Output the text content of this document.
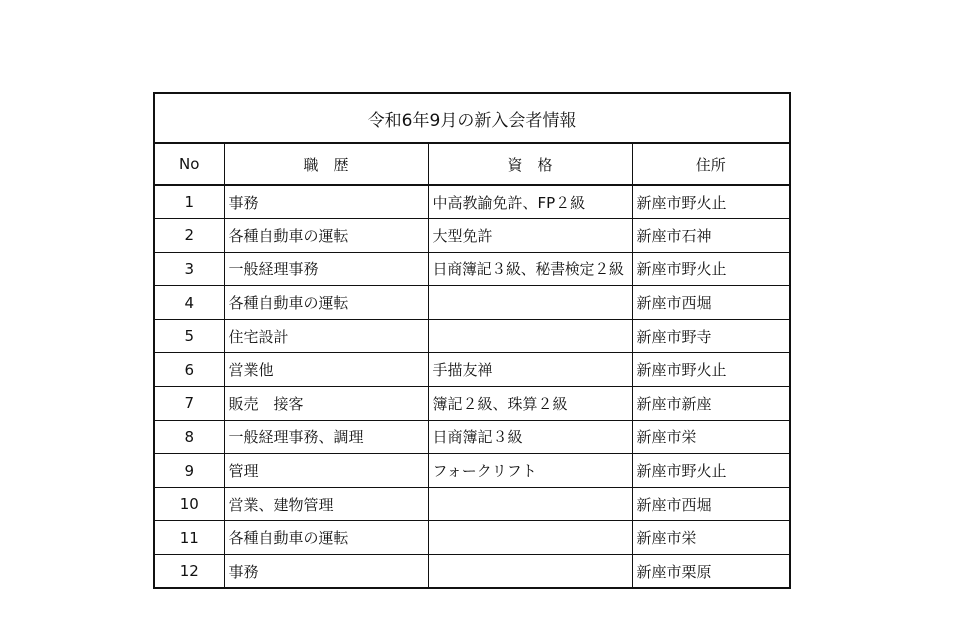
令和6年9月の新入会者情報			
No	職　歴	資　格	住所
1	事務	中高教諭免許、FP２級	新座市野火止
2	各種自動車の運転	大型免許	新座市石神
3	一般経理事務	日商簿記３級、秘書検定２級	新座市野火止
4	各種自動車の運転		新座市西堀
5	住宅設計		新座市野寺
6	営業他	手描友禅	新座市野火止
7	販売　接客	簿記２級、珠算２級	新座市新座
8	一般経理事務、調理	日商簿記３級	新座市栄
9	管理	フォークリフト	新座市野火止
10	営業、建物管理		新座市西堀
11	各種自動車の運転		新座市栄
12	事務		新座市栗原
